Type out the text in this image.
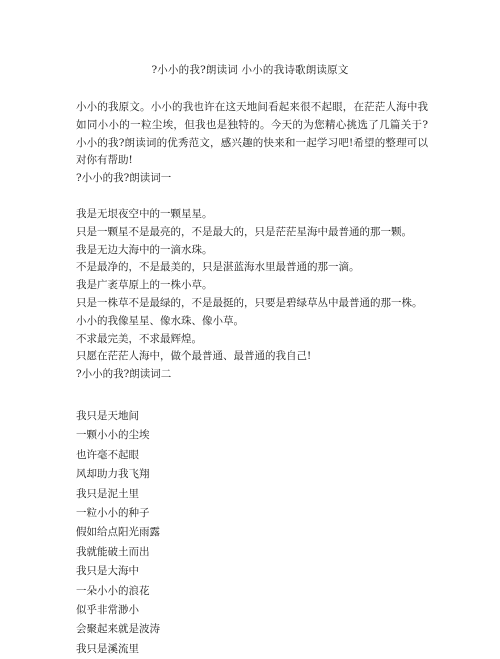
?小小的我?朗读词 小小的我诗歌朗读原文

小小的我原文。小小的我也许在这天地间看起来很不起眼，在茫茫人海中我如同小小的一粒尘埃，但我也是独特的。今天的为您精心挑选了几篇关于?小小的我?朗读词的优秀范文，感兴趣的快来和一起学习吧!希望的整理可以对你有帮助!

?小小的我?朗读词一

我是无垠夜空中的一颗星星。
只是一颗星不是最亮的，不是最大的，只是茫茫星海中最普通的那一颗。
我是无边大海中的一滴水珠。
不是最净的，不是最美的，只是湛蓝海水里最普通的那一滴。
我是广袤草原上的一株小草。
只是一株草不是最绿的，不是最挺的，只要是碧绿草丛中最普通的那一株。
小小的我像星星、像水珠、像小草。
不求最完美，不求最辉煌。
只愿在茫茫人海中，做个最普通、最普通的我自己!

?小小的我?朗读词二

我只是天地间
一颗小小的尘埃
也许毫不起眼
风却助力我飞翔
我只是泥土里
一粒小小的种子
假如给点阳光雨露
我就能破土而出
我只是大海中
一朵小小的浪花
似乎非常渺小
会聚起来就是波涛
我只是溪流里
